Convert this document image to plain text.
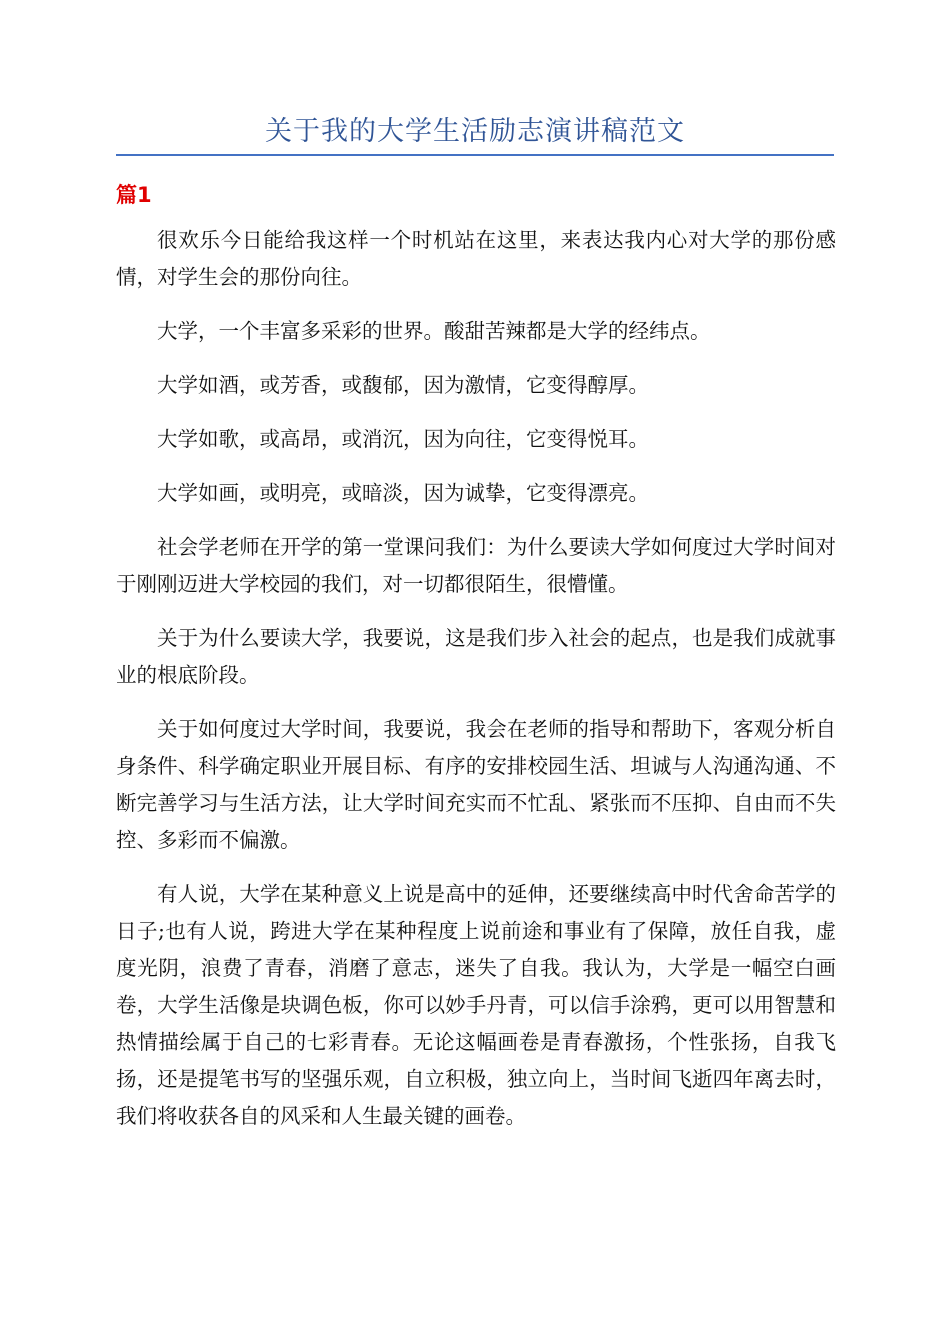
关于我的大学生活励志演讲稿范文
篇1

很欢乐今日能给我这样一个时机站在这里，来表达我内心对大学的那份感情，对学生会的那份向往。

大学，一个丰富多采彩的世界。酸甜苦辣都是大学的经纬点。

大学如酒，或芳香，或馥郁，因为激情，它变得醇厚。

大学如歌，或高昂，或消沉，因为向往，它变得悦耳。

大学如画，或明亮，或暗淡，因为诚挚，它变得漂亮。

社会学老师在开学的第一堂课问我们：为什么要读大学如何度过大学时间对于刚刚迈进大学校园的我们，对一切都很陌生，很懵懂。

关于为什么要读大学，我要说，这是我们步入社会的起点，也是我们成就事业的根底阶段。

关于如何度过大学时间，我要说，我会在老师的指导和帮助下，客观分析自身条件、科学确定职业开展目标、有序的安排校园生活、坦诚与人沟通沟通、不断完善学习与生活方法，让大学时间充实而不忙乱、紧张而不压抑、自由而不失控、多彩而不偏激。

有人说，大学在某种意义上说是高中的延伸，还要继续高中时代舍命苦学的日子;也有人说，跨进大学在某种程度上说前途和事业有了保障，放任自我，虚度光阴，浪费了青春，消磨了意志，迷失了自我。我认为，大学是一幅空白画卷，大学生活像是块调色板，你可以妙手丹青，可以信手涂鸦，更可以用智慧和热情描绘属于自己的七彩青春。无论这幅画卷是青春激扬，个性张扬，自我飞扬，还是提笔书写的坚强乐观，自立积极，独立向上，当时间飞逝四年离去时，我们将收获各自的风采和人生最关键的画卷。
